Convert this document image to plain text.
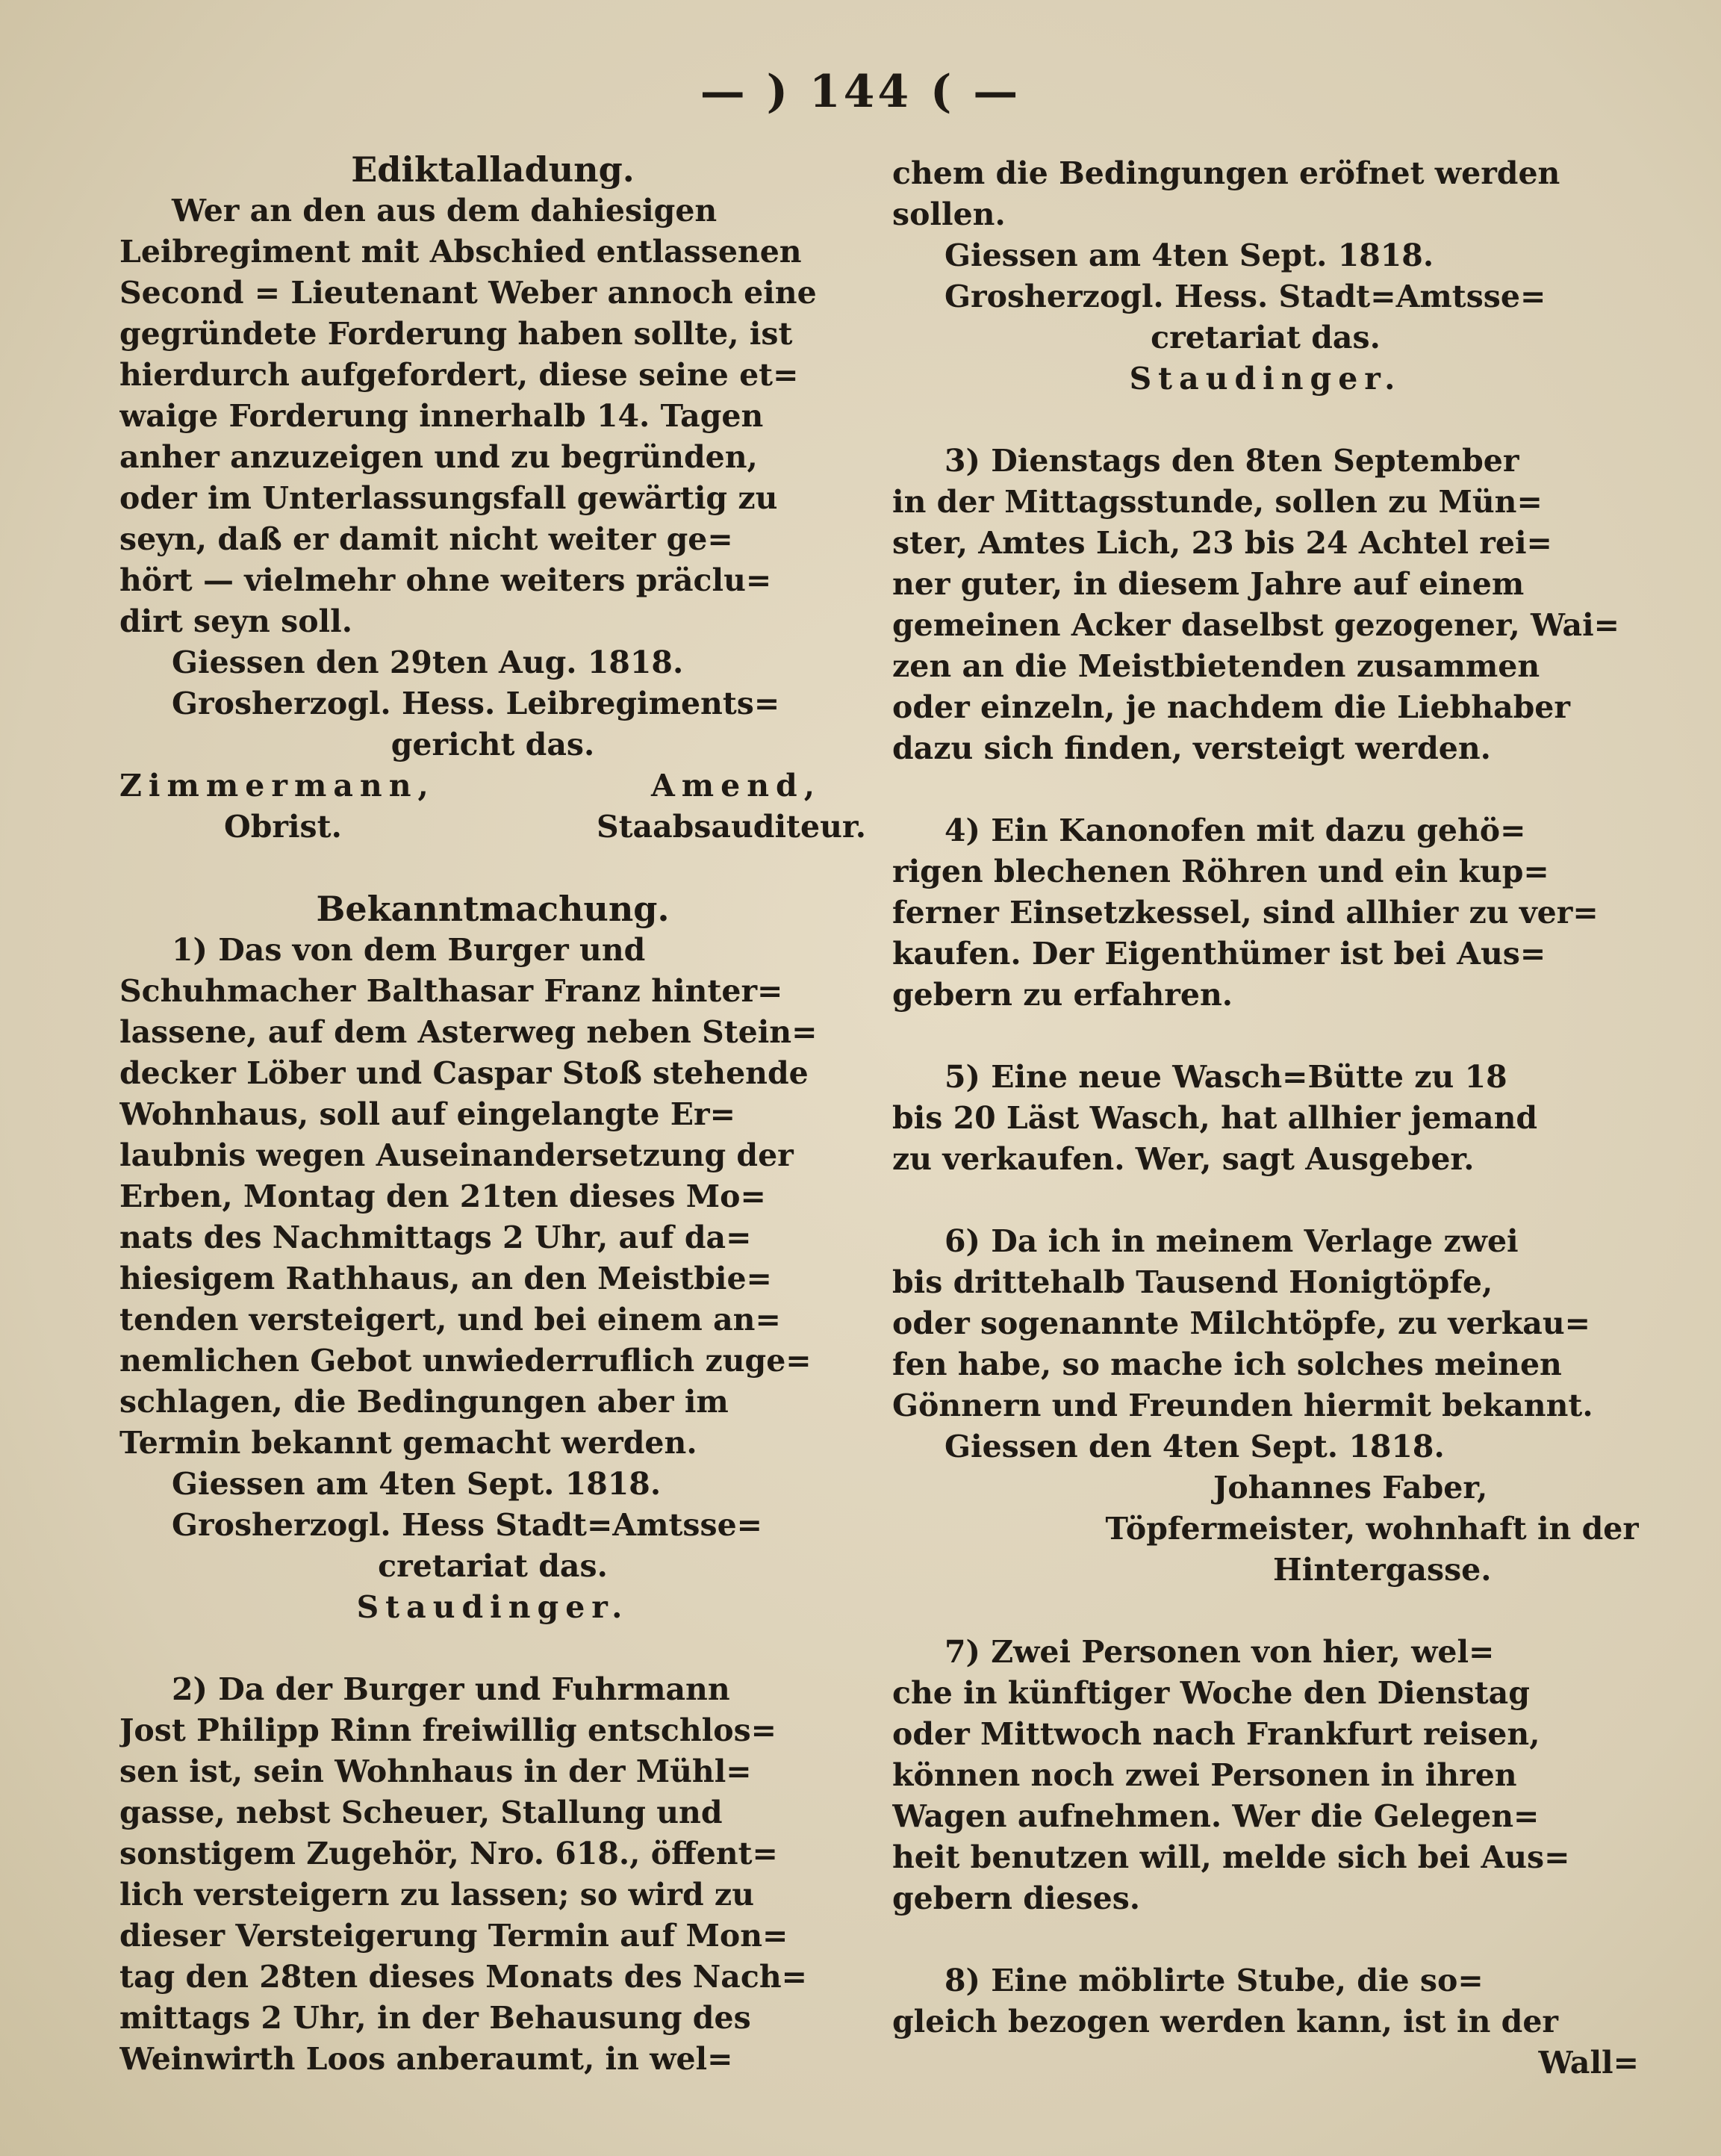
— ) 144 ( —
Ediktalladung.
Wer an den aus dem dahiesigen
Leibregiment mit Abschied entlassenen
Second = Lieutenant Weber annoch eine
gegründete Forderung haben sollte, ist
hierdurch aufgefordert, diese seine et=
waige Forderung innerhalb 14. Tagen
anher anzuzeigen und zu begründen,
oder im Unterlassungsfall gewärtig zu
seyn, daß er damit nicht weiter ge=
hört — vielmehr ohne weiters präclu=
dirt seyn soll.
Giessen den 29ten Aug. 1818.
Grosherzogl. Hess. Leibregiments=
gericht das.
Zimmermann,	Amend,
Obrist.	Staabsauditeur.
Bekanntmachung.
1) Das von dem Burger und
Schuhmacher Balthasar Franz hinter=
lassene, auf dem Asterweg neben Stein=
decker Löber und Caspar Stoß stehende
Wohnhaus, soll auf eingelangte Er=
laubnis wegen Auseinandersetzung der
Erben, Montag den 21ten dieses Mo=
nats des Nachmittags 2 Uhr, auf da=
hiesigem Rathhaus, an den Meistbie=
tenden versteigert, und bei einem an=
nemlichen Gebot unwiederruflich zuge=
schlagen, die Bedingungen aber im
Termin bekannt gemacht werden.
Giessen am 4ten Sept. 1818.
Grosherzogl. Hess Stadt=Amtsse=
cretariat das.
Staudinger.
2) Da der Burger und Fuhrmann
Jost Philipp Rinn freiwillig entschlos=
sen ist, sein Wohnhaus in der Mühl=
gasse, nebst Scheuer, Stallung und
sonstigem Zugehör, Nro. 618., öffent=
lich versteigern zu lassen; so wird zu
dieser Versteigerung Termin auf Mon=
tag den 28ten dieses Monats des Nach=
mittags 2 Uhr, in der Behausung des
Weinwirth Loos anberaumt, in wel=
chem die Bedingungen eröfnet werden
sollen.
Giessen am 4ten Sept. 1818.
Grosherzogl. Hess. Stadt=Amtsse=
cretariat das.
Staudinger.
3) Dienstags den 8ten September
in der Mittagsstunde, sollen zu Mün=
ster, Amtes Lich, 23 bis 24 Achtel rei=
ner guter, in diesem Jahre auf einem
gemeinen Acker daselbst gezogener, Wai=
zen an die Meistbietenden zusammen
oder einzeln, je nachdem die Liebhaber
dazu sich finden, versteigt werden.
4) Ein Kanonofen mit dazu gehö=
rigen blechenen Röhren und ein kup=
ferner Einsetzkessel, sind allhier zu ver=
kaufen. Der Eigenthümer ist bei Aus=
gebern zu erfahren.
5) Eine neue Wasch=Bütte zu 18
bis 20 Läst Wasch, hat allhier jemand
zu verkaufen. Wer, sagt Ausgeber.
6) Da ich in meinem Verlage zwei
bis drittehalb Tausend Honigtöpfe,
oder sogenannte Milchtöpfe, zu verkau=
fen habe, so mache ich solches meinen
Gönnern und Freunden hiermit bekannt.
Giessen den 4ten Sept. 1818.
Johannes Faber,
Töpfermeister, wohnhaft in der
Hintergasse.
7) Zwei Personen von hier, wel=
che in künftiger Woche den Dienstag
oder Mittwoch nach Frankfurt reisen,
können noch zwei Personen in ihren
Wagen aufnehmen. Wer die Gelegen=
heit benutzen will, melde sich bei Aus=
gebern dieses.
8) Eine möblirte Stube, die so=
gleich bezogen werden kann, ist in der
Wall=
